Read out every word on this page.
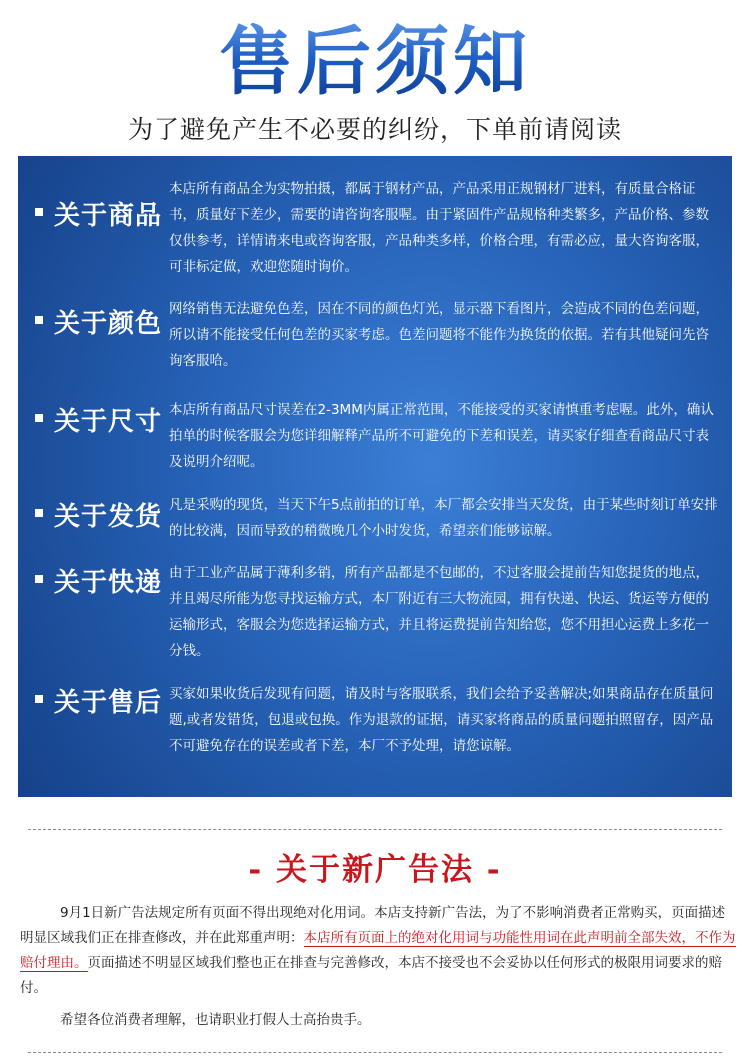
售后须知
为了避免产生不必要的纠纷，下单前请阅读
关于商品
本店所有商品全为实物拍摄，都属于钢材产品，产品采用正规钢材厂进料，有质量合格证书，质量好下差少，需要的请咨询客服喔。由于紧固件产品规格种类繁多，产品价格、参数仅供参考，详情请来电或咨询客服，产品种类多样，价格合理，有需必应，量大咨询客服，可非标定做，欢迎您随时询价。
关于颜色 网络销售无法避免色差，因在不同的颜色灯光，显示器下看图片，会造成不同的色差问题，所以请不能接受任何色差的买家考虑。色差问题将不能作为换货的依据。若有其他疑问先咨询客服哈。
关于尺寸 本店所有商品尺寸误差在2-3MM内属正常范围，不能接受的买家请慎重考虑喔。此外，确认拍单的时候客服会为您详细解释产品所不可避免的下差和误差，请买家仔细查看商品尺寸表及说明介绍呢。
关于发货 凡是采购的现货，当天下午5点前拍的订单，本厂都会安排当天发货，由于某些时刻订单安排的比较满，因而导致的稍微晚几个小时发货，希望亲们能够谅解。
关于快递 由于工业产品属于薄利多销，所有产品都是不包邮的，不过客服会提前告知您提货的地点，并且竭尽所能为您寻找运输方式，本厂附近有三大物流园，拥有快递、快运、货运等方便的运输形式，客服会为您选择运输方式，并且将运费提前告知给您，您不用担心运费上多花一分钱。
关于售后 买家如果收货后发现有问题，请及时与客服联系，我们会给予妥善解决;如果商品存在质量问题,或者发错货，包退或包换。作为退款的证据，请买家将商品的质量问题拍照留存，因产品不可避免存在的误差或者下差，本厂不予处理，请您谅解。
- 关于新广告法 -

9月1日新广告法规定所有页面不得出现绝对化用词。本店支持新广告法，为了不影响消费者正常购买，页面描述明显区域我们正在排查修改，并在此郑重声明：本店所有页面上的绝对化用词与功能性用词在此声明前全部失效，不作为赔付理由。页面描述不明显区域我们整也正在排查与完善修改，本店不接受也不会妥协以任何形式的极限用词要求的赔付。

希望各位消费者理解，也请职业打假人士高抬贵手。
